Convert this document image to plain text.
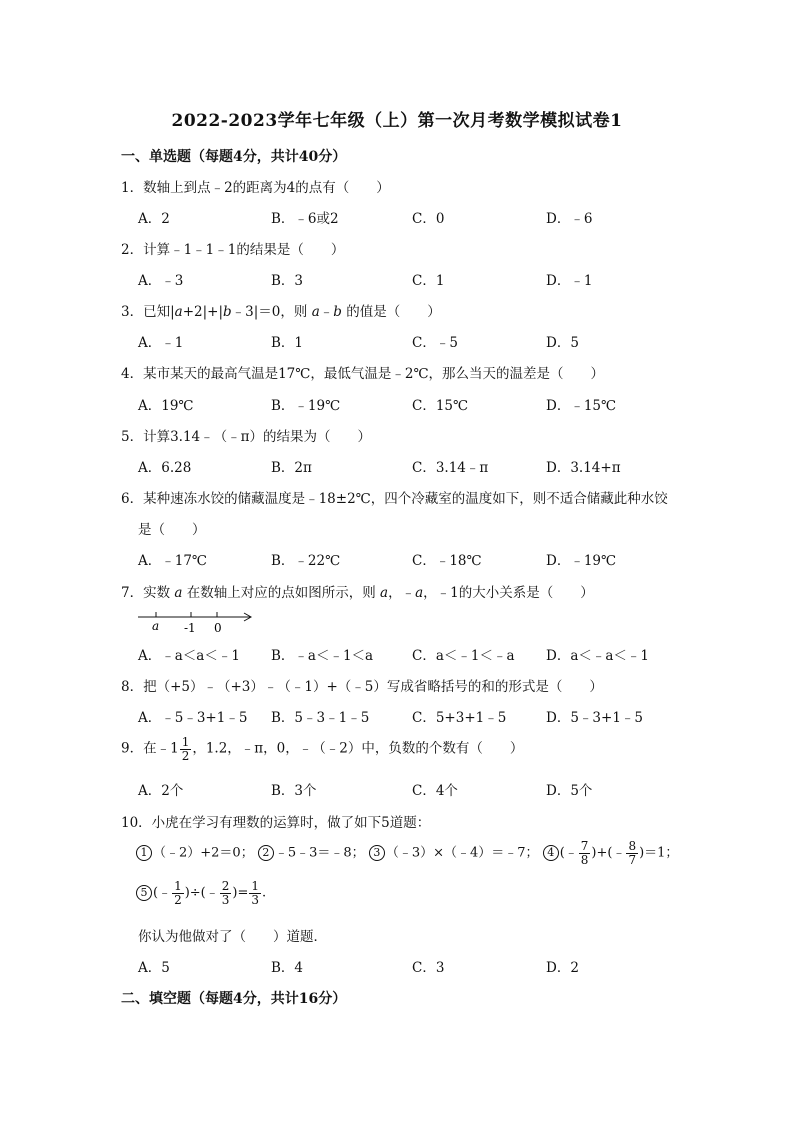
2022-2023学年七年级（上）第一次月考数学模拟试卷1
一、单选题（每题4分，共计40分）
1．数轴上到点﹣2的距离为4的点有（　　）
A．2	B．﹣6或2	C．0	D．﹣6
2．计算﹣1﹣1﹣1的结果是（　　）
A．﹣3	B．3	C．1	D．﹣1
3．已知|a+2|+|b﹣3|＝0，则 a﹣b 的值是（　　）
A．﹣1	B．1	C．﹣5	D．5
4．某市某天的最高气温是17℃，最低气温是﹣2℃，那么当天的温差是（　　）
A．19℃	B．﹣19℃	C．15℃	D．﹣15℃
5．计算3.14﹣（﹣π）的结果为（　　）
A．6.28	B．2π	C．3.14﹣π	D．3.14+π
6．某种速冻水饺的储藏温度是﹣18±2℃，四个冷藏室的温度如下，则不适合储藏此种水饺
是（　　）
A．﹣17℃	B．﹣22℃	C．﹣18℃	D．﹣19℃
7．实数 a 在数轴上对应的点如图所示，则 a，﹣a，﹣1的大小关系是（　　）
a -1 0
A．﹣a＜a＜﹣1 B．﹣a＜﹣1＜a	C．a＜﹣1＜﹣a D．a＜﹣a＜﹣1
8．把（+5）﹣（+3）﹣（﹣1）+（﹣5）写成省略括号的和的形式是（　　）
A．﹣5﹣3+1﹣5 B．5﹣3﹣1﹣5	C．5+3+1﹣5	D．5﹣3+1﹣5
9．在﹣1 $\frac{1}{2}$ ，1.2，﹣π，0，﹣（﹣2）中，负数的个数有（　　）
A．2个	B．3个	C．4个	D．5个
10．小虎在学习有理数的运算时，做了如下5道题：
1 （﹣2）+2＝0； 2 ﹣5﹣3＝﹣8； 3 （﹣3）×（﹣4）＝﹣7； 4 (﹣ $\frac{7}{8}$ )+(﹣ $\frac{8}{7} )=1$；
5 (﹣ $\frac{1}{2}$ )÷(﹣ $\frac{2}{3}$ )= $\frac{1}{3}$ .
你认为他做对了（　　）道题．
A．5	B．4	C．3	D．2
二、填空题（每题4分，共计16分）
